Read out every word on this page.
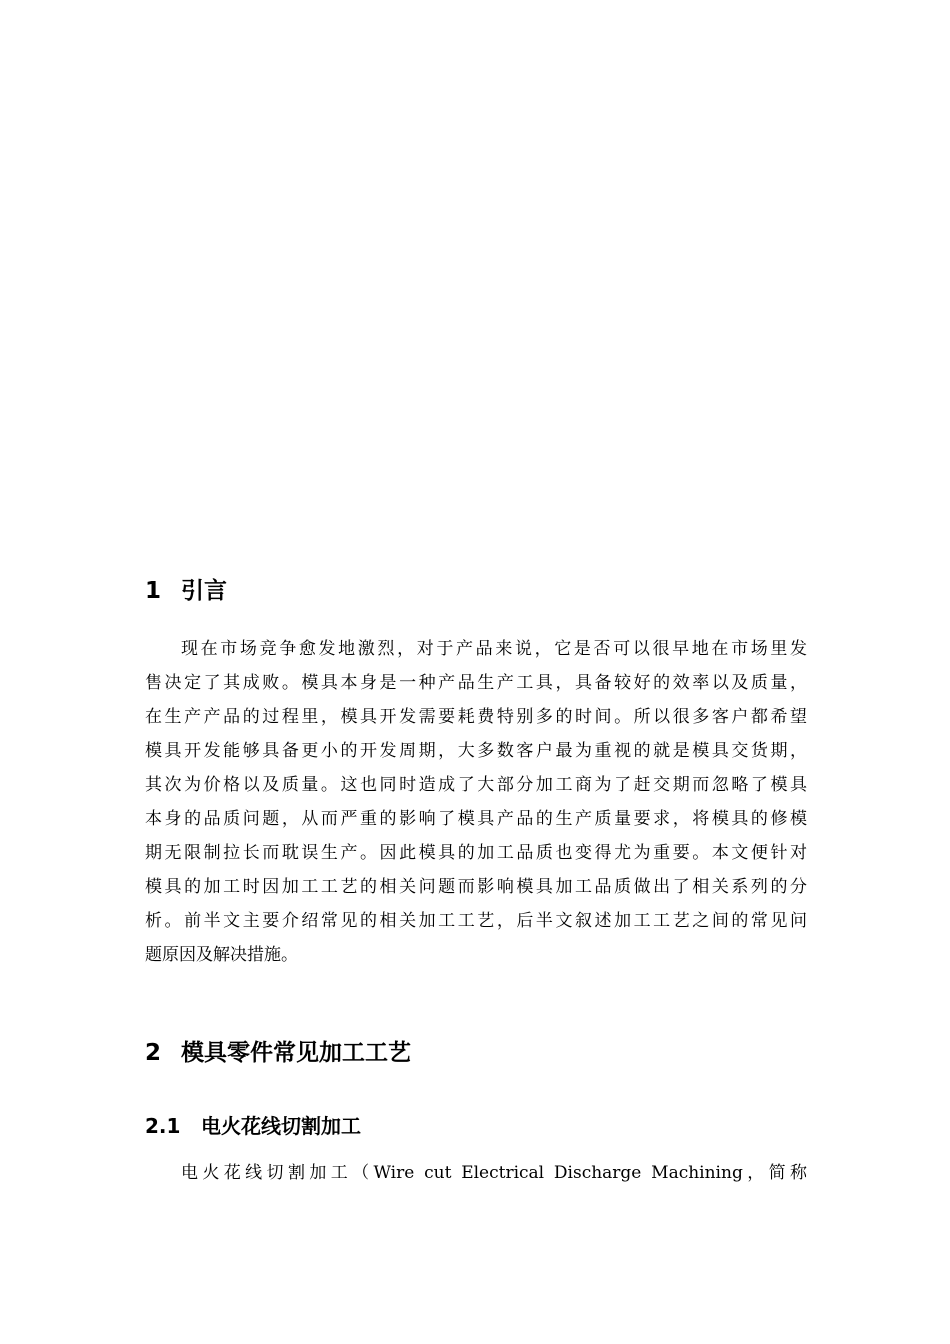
1 引言
现在市场竞争愈发地激烈，对于产品来说，它是否可以很早地在市场里发
售决定了其成败。模具本身是一种产品生产工具，具备较好的效率以及质量，
在生产产品的过程里，模具开发需要耗费特别多的时间。所以很多客户都希望
模具开发能够具备更小的开发周期，大多数客户最为重视的就是模具交货期，
其次为价格以及质量。这也同时造成了大部分加工商为了赶交期而忽略了模具
本身的品质问题，从而严重的影响了模具产品的生产质量要求，将模具的修模
期无限制拉长而耽误生产。因此模具的加工品质也变得尤为重要。本文便针对
模具的加工时因加工工艺的相关问题而影响模具加工品质做出了相关系列的分
析。前半文主要介绍常见的相关加工工艺，后半文叙述加工工艺之间的常见问
题原因及解决措施。
2 模具零件常见加工工艺
2.1 电火花线切割加工
电火花线切割加工（Wire cut Electrical Discharge Machining，简称
